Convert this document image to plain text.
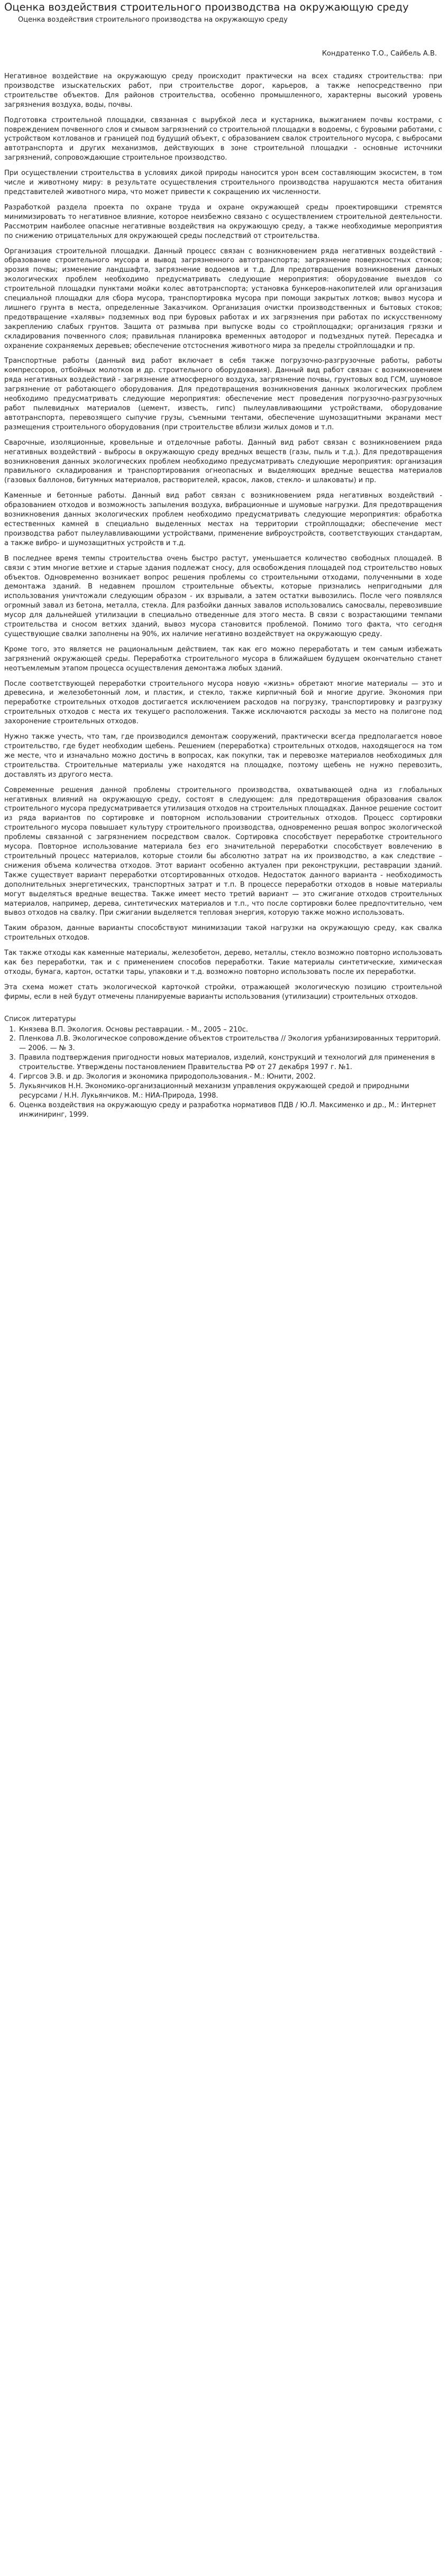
Оценка воздействия строительного производства на окружающую среду
Оценка воздействия строительного производства на окружающую среду
Кондратенко Т.О., Сайбель А.В.

Негативное воздействие на окружающую среду происходит практически на всех стадиях строительства: при производстве изыскательских работ, при строительстве дорог, карьеров, а также непосредственно при строительстве объектов. Для районов строительства, особенно промышленного, характерны высокий уровень загрязнения воздуха, воды, почвы.

Подготовка строительной площадки, связанная с вырубкой леса и кустарника, выжиганием почвы кострами, с повреждением почвенного слоя и смывом загрязнений со строительной площадки в водоемы, с буровыми работами, с устройством котлованов и границей под будущий объект, с образованием свалок строительного мусора, с выбросами автотранспорта и других механизмов, действующих в зоне строительной площадки - основные источники загрязнений, сопровождающие строительное производство.

При осуществлении строительства в условиях дикой природы наносится урон всем составляющим экосистем, в том числе и животному миру: в результате осуществления строительного производства нарушаются места обитания представителей животного мира, что может привести к сокращению их численности.

Разработкой раздела проекта по охране труда и охране окружающей среды проектировщики стремятся минимизировать то негативное влияние, которое неизбежно связано с осуществлением строительной деятельности. Рассмотрим наиболее опасные негативные воздействия на окружающую среду, а также необходимые мероприятия по снижению отрицательных для окружающей среды последствий от строительства.

Организация строительной площадки. Данный процесс связан с возникновением ряда негативных воздействий - образование строительного мусора и вывод загрязненного автотранспорта; загрязнение поверхностных стоков; эрозия почвы; изменение ландшафта, загрязнение водоемов и т.д. Для предотвращения возникновения данных экологических проблем необходимо предусматривать следующие мероприятия: оборудование выездов со строительной площадки пунктами мойки колес автотранспорта; установка бункеров-накопителей или организация специальной площадки для сбора мусора, транспортировка мусора при помощи закрытых лотков; вывоз мусора и лишнего грунта в места, определенные Заказчиком. Организация очистки производственных и бытовых стоков; предотвращение «халявы» подземных вод при буровых работах и их загрязнения при работах по искусственному закреплению слабых грунтов. Защита от размыва при выпуске воды со стройплощадки; организация грязки и складирования почвенного слоя; правильная планировка временных автодорог и подъездных путей. Пересадка и охранение сохраняемых деревьев; обеспечение отстоснения животного мира за пределы стройплощадки и пр.

Транспортные работы (данный вид работ включает в себя также погрузочно-разгрузочные работы, работы компрессоров, отбойных молотков и др. строительного оборудования). Данный вид работ связан с возникновением ряда негативных воздействий - загрязнение атмосферного воздуха, загрязнение почвы, грунтовых вод ГСМ, шумовое загрязнение от работающего оборудования. Для предотвращения возникновения данных экологических проблем необходимо предусматривать следующие мероприятия: обеспечение мест проведения погрузочно-разгрузочных работ пылевидных материалов (цемент, известь, гипс) пылеулавливающими устройствами, оборудование автотранспорта, перевозящего сыпучие грузы, съемными тентами, обеспечение шумозащитными экранами мест размещения строительного оборудования (при строительстве вблизи жилых домов и т.п.

Сварочные, изоляционные, кровельные и отделочные работы. Данный вид работ связан с возникновением ряда негативных воздействий - выбросы в окружающую среду вредных веществ (газы, пыль и т.д.). Для предотвращения возникновения данных экологических проблем необходимо предусматривать следующие мероприятия: организация правильного складирования и транспортирования огнеопасных и выделяющих вредные вещества материалов (газовых баллонов, битумных материалов, растворителей, красок, лаков, стекло- и шлаковаты) и пр.

Каменные и бетонные работы. Данный вид работ связан с возникновением ряда негативных воздействий - образованием отходов и возможность запыления воздуха, вибрационные и шумовые нагрузки. Для предотвращения возникновения данных экологических проблем необходимо предусматривать следующие мероприятия: обработка естественных камней в специально выделенных местах на территории стройплощадки; обеспечение мест производства работ пылеулавливающими устройствами, применение виброустройств, соответствующих стандартам, а также вибро- и шумозащитных устройств и т.д.

В последнее время темпы строительства очень быстро растут, уменьшается количество свободных площадей. В связи с этим многие ветхие и старые здания подлежат сносу, для освобождения площадей под строительство новых объектов. Одновременно возникает вопрос решения проблемы со строительными отходами, полученными в ходе демонтажа зданий. В недавнем прошлом строительные объекты, которые признались непригодными для использования уничтожали следующим образом - их взрывали, а затем остатки вывозились. После чего появлялся огромный завал из бетона, металла, стекла. Для разбойки данных завалов использовались самосвалы, перевозившие мусор для дальнейшей утилизации в специально отведенные для этого места. В связи с возрастающими темпами строительства и сносом ветхих зданий, вывоз мусора становится проблемой. Помимо того факта, что сегодня существующие свалки заполнены на 90%, их наличие негативно воздействует на окружающую среду.

Кроме того, это является не рациональным действием, так как его можно переработать и тем самым избежать загрязнений окружающей среды. Переработка строительного мусора в ближайшем будущем окончательно станет неотъемлемым этапом процесса осуществления демонтажа любых зданий.

После соответствующей переработки строительного мусора новую «жизнь» обретают многие материалы — это и древесина, и железобетонный лом, и пластик, и стекло, также кирпичный бой и многие другие. Экономия при переработке строительных отходов достигается исключением расходов на погрузку, транспортировку и разгрузку строительных отходов с места их текущего расположения. Также исключаются расходы за место на полигоне под захоронение строительных отходов.

Нужно также учесть, что там, где производился демонтаж сооружений, практически всегда предполагается новое строительство, где будет необходим щебень. Решением (переработка) строительных отходов, находящегося на том же месте, что и изначально можно достичь в вопросах, как покупки, так и перевозке материалов необходимых для строительства. Строительные материалы уже находятся на площадке, поэтому щебень не нужно перевозить, доставлять из другого места.

Современные решения данной проблемы строительного производства, охватывающей одна из глобальных негативных влияний на окружающую среду, состоят в следующем: для предотвращения образования свалок строительного мусора предусматривается утилизация отходов на строительных площадках. Данное решение состоит из ряда вариантов по сортировке и повторном использовании строительных отходов. Процесс сортировки строительного мусора повышает культуру строительного производства, одновременно решая вопрос экологической проблемы связанной с загрязнением посредством свалок. Сортировка способствует переработке строительного мусора. Повторное использование материала без его значительной переработки способствует вовлечению в строительный процесс материалов, которые стоили бы абсолютно затрат на их производство, а как следствие – снижения объема количества отходов. Этот вариант особенно актуален при реконструкции, реставрации зданий. Также существует вариант переработки отсортированных отходов. Недостаток данного варианта - необходимость дополнительных энергетических, транспортных затрат и т.п. В процессе переработки отходов в новые материалы могут выделяться вредные вещества. Также имеет место третий вариант — это сжигание отходов строительных материалов, например, дерева, синтетических материалов и т.п., что после сортировки более предпочтительно, чем вывоз отходов на свалку. При сжигании выделяется тепловая энергия, которую также можно использовать.

Таким образом, данные варианты способствуют минимизации такой нагрузки на окружающую среду, как свалка строительных отходов.

Так также отходы как каменные материалы, железобетон, дерево, металлы, стекло возможно повторно использовать как без переработки, так и с применением способов переработки. Такие материалы синтетические, химическая отходы, бумага, картон, остатки тары, упаковки и т.д. возможно повторно использовать после их переработки.

Эта схема может стать экологической карточкой стройки, отражающей экологическую позицию строительной фирмы, если в ней будут отмечены планируемые варианты использования (утилизации) строительных отходов.

Список литературы

1. Князева В.П. Экология. Основы реставрации. - М., 2005 – 210с.
2. Пленкова Л.В. Экологическое сопровождение объектов строительства // Экология урбанизированных территорий. — 2006. — № 3.
3. Правила подтверждения пригодности новых материалов, изделий, конструкций и технологий для применения в строительстве. Утверждены постановлением Правительства РФ от 27 декабря 1997 г. №1.
4. Гиргсов Э.В. и др. Экология и экономика природопользования.- М.: Юнити, 2002.
5. Лукьянчиков Н.Н. Экономико-организационный механизм управления окружающей средой и природными ресурсами / Н.Н. Лукьянчиков. М.: НИА-Природа, 1998.
6. Оценка воздействия на окружающую среду и разработка нормативов ПДВ / Ю.Л. Максименко и др., М.: Интернет инжиниринг, 1999.
